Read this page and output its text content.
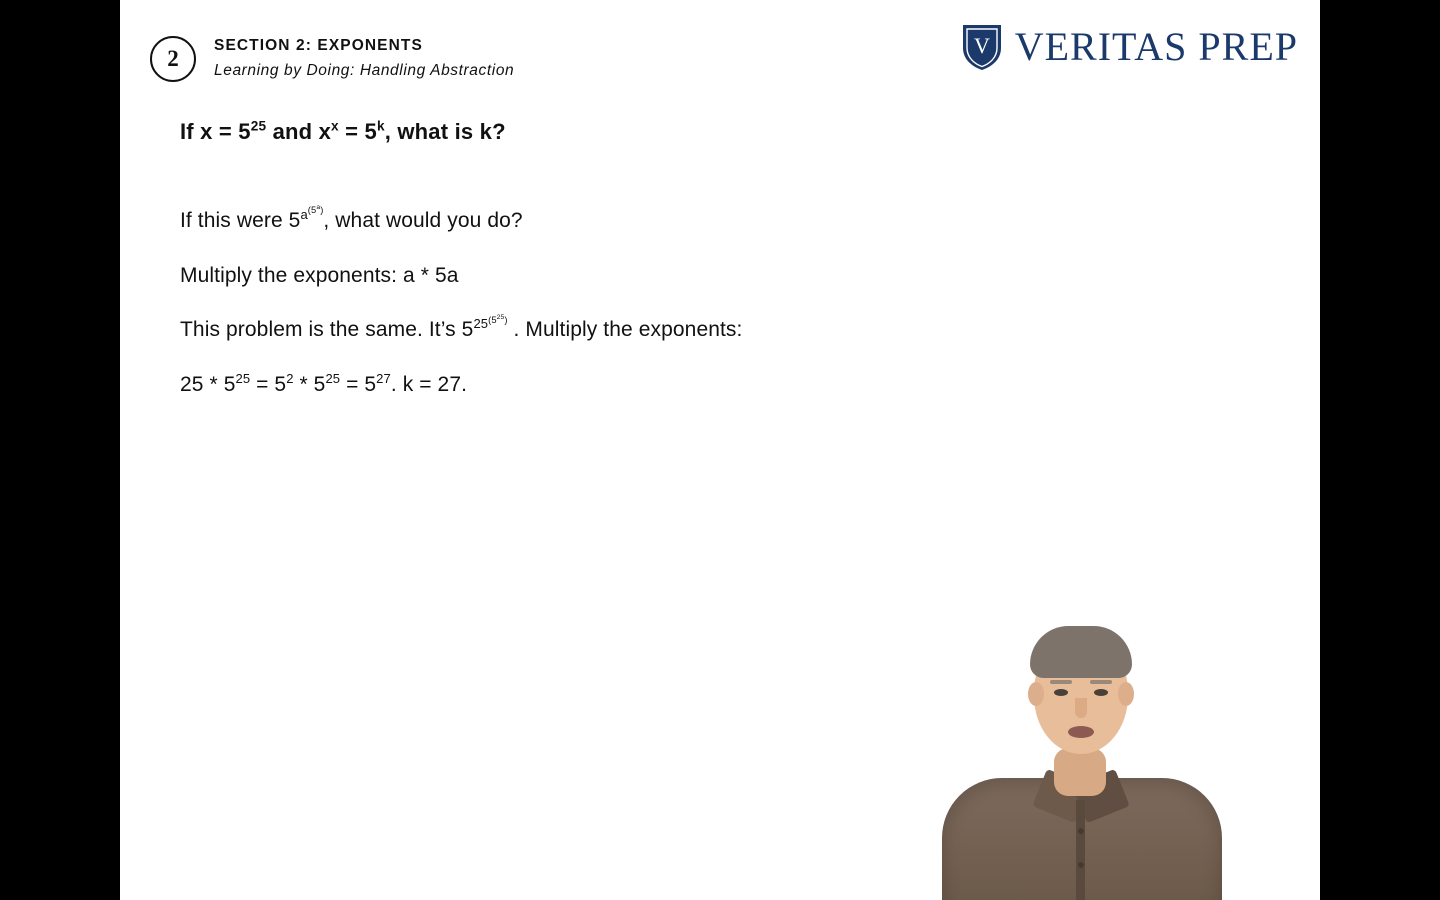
2
SECTION 2: EXPONENTS
Learning by Doing: Handling Abstraction
V VERITAS PREP
If $x = 5^{25}$ and $x^x = 5^k$, what is k?
If this were $5^{a^{(5^a)}}$, what would you do?
Multiply the exponents: a * 5a
This problem is the same. It’s $5^{25^{(5^{25})}}$ . Multiply the exponents:
$25 * 5^{25} = 5^2 * 5^{25} = 5^{27}$. k = 27.
